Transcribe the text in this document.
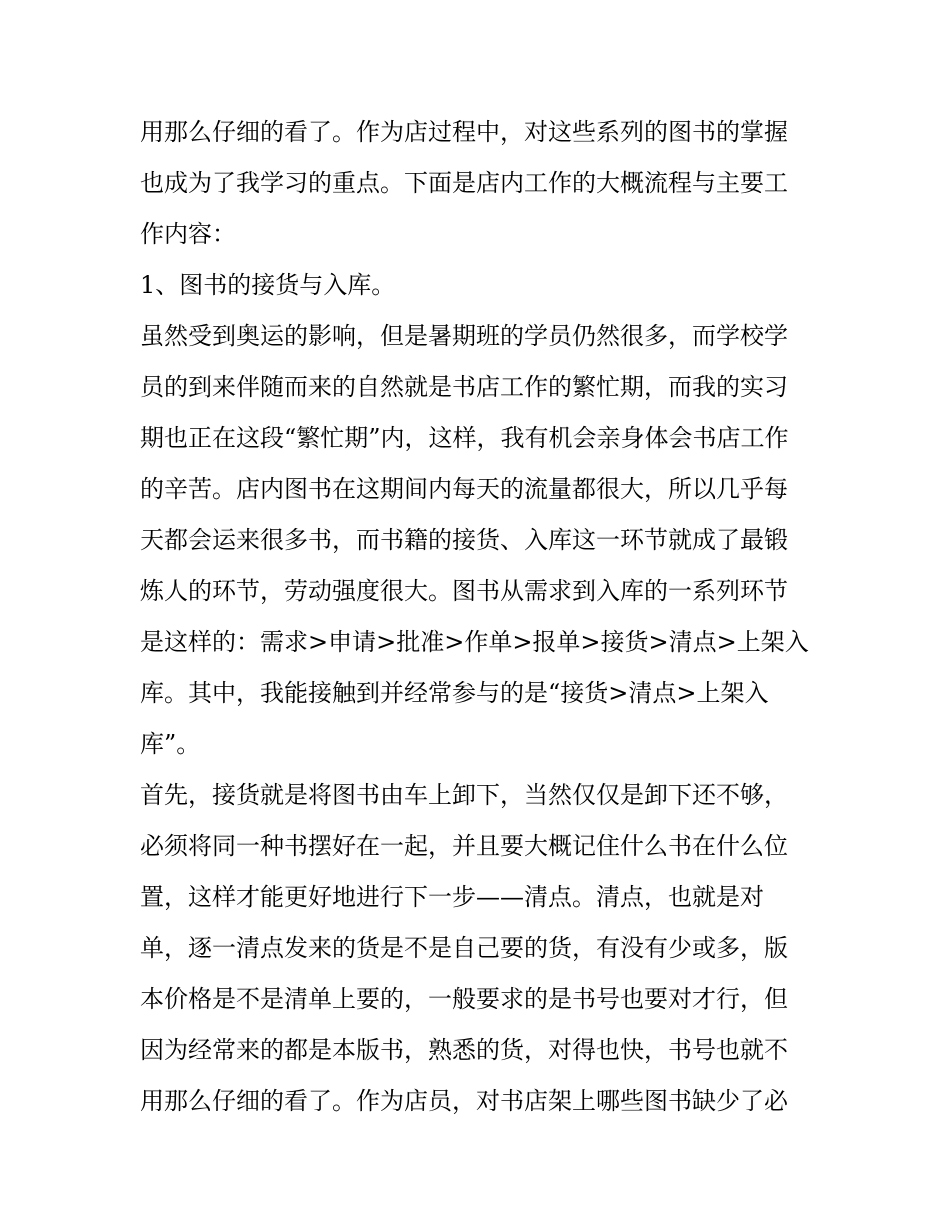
用那么仔细的看了。作为店过程中，对这些系列的图书的掌握
也成为了我学习的重点。下面是店内工作的大概流程与主要工
作内容：
1、图书的接货与入库。
虽然受到奥运的影响，但是暑期班的学员仍然很多，而学校学
员的到来伴随而来的自然就是书店工作的繁忙期，而我的实习
期也正在这段“繁忙期”内，这样，我有机会亲身体会书店工作
的辛苦。店内图书在这期间内每天的流量都很大，所以几乎每
天都会运来很多书，而书籍的接货、入库这一环节就成了最锻
炼人的环节，劳动强度很大。图书从需求到入库的一系列环节
是这样的：需求>申请>批准>作单>报单>接货>清点>上架入
库。其中，我能接触到并经常参与的是“接货>清点>上架入
库”。
首先，接货就是将图书由车上卸下，当然仅仅是卸下还不够，
必须将同一种书摆好在一起，并且要大概记住什么书在什么位
置，这样才能更好地进行下一步——清点。清点，也就是对
单，逐一清点发来的货是不是自己要的货，有没有少或多，版
本价格是不是清单上要的，一般要求的是书号也要对才行，但
因为经常来的都是本版书，熟悉的货，对得也快，书号也就不
用那么仔细的看了。作为店员，对书店架上哪些图书缺少了必
